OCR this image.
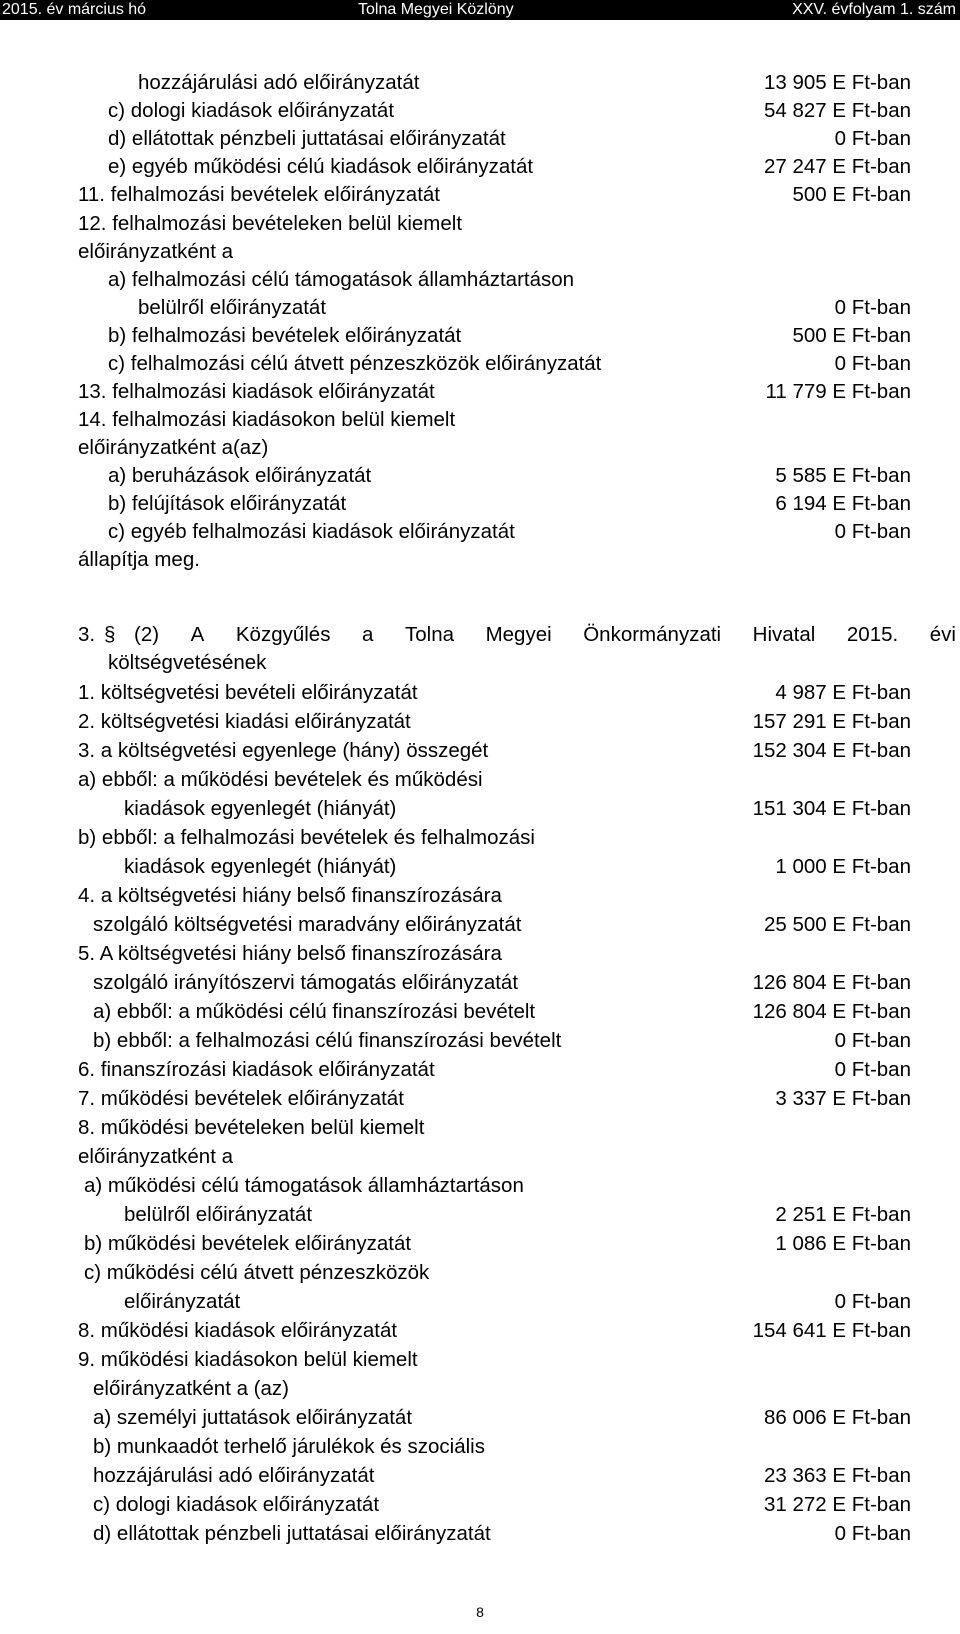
2015. év március hó	Tolna Megyei Közlöny	XXV. évfolyam 1. szám
hozzájárulási adó előirányzatát	13 905 E Ft-ban
c) dologi kiadások előirányzatát	54 827 E Ft-ban
d) ellátottak pénzbeli juttatásai előirányzatát	0 Ft-ban
e) egyéb működési célú kiadások előirányzatát	27 247 E Ft-ban
11. felhalmozási bevételek előirányzatát	500 E Ft-ban
12. felhalmozási bevételeken belül kiemelt
előirányzatként a
a) felhalmozási célú támogatások államháztartáson
belülről előirányzatát	0 Ft-ban
b) felhalmozási bevételek előirányzatát	500 E Ft-ban
c) felhalmozási célú átvett pénzeszközök előirányzatát	0 Ft-ban
13. felhalmozási kiadások előirányzatát	11 779 E Ft-ban
14. felhalmozási kiadásokon belül kiemelt
előirányzatként a(az)
a) beruházások előirányzatát	5 585 E Ft-ban
b) felújítások előirányzatát	6 194 E Ft-ban
c) egyéb felhalmozási kiadások előirányzatát	0 Ft-ban
állapítja meg.
3. § (2) A Közgyűlés a Tolna Megyei Önkormányzati Hivatal 2015. évi
költségvetésének
1. költségvetési bevételi előirányzatát	4 987 E Ft-ban
2. költségvetési kiadási előirányzatát	157 291 E Ft-ban
3. a költségvetési egyenlege (hány) összegét	152 304 E Ft-ban
a) ebből: a működési bevételek és működési
kiadások egyenlegét (hiányát)	151 304 E Ft-ban
b) ebből: a felhalmozási bevételek és felhalmozási
kiadások egyenlegét (hiányát)	1 000 E Ft-ban
4. a költségvetési hiány belső finanszírozására
szolgáló költségvetési maradvány előirányzatát	25 500 E Ft-ban
5. A költségvetési hiány belső finanszírozására
szolgáló irányítószervi támogatás előirányzatát	126 804 E Ft-ban
a) ebből: a működési célú finanszírozási bevételt	126 804 E Ft-ban
b) ebből: a felhalmozási célú finanszírozási bevételt	0 Ft-ban
6. finanszírozási kiadások előirányzatát	0 Ft-ban
7. működési bevételek előirányzatát	3 337 E Ft-ban
8. működési bevételeken belül kiemelt
előirányzatként a
a) működési célú támogatások államháztartáson
belülről előirányzatát	2 251 E Ft-ban
b) működési bevételek előirányzatát	1 086 E Ft-ban
c) működési célú átvett pénzeszközök
előirányzatát	0 Ft-ban
8. működési kiadások előirányzatát	154 641 E Ft-ban
9. működési kiadásokon belül kiemelt
előirányzatként a (az)
a) személyi juttatások előirányzatát	86 006 E Ft-ban
b) munkaadót terhelő járulékok és szociális
hozzájárulási adó előirányzatát	23 363 E Ft-ban
c) dologi kiadások előirányzatát	31 272 E Ft-ban
d) ellátottak pénzbeli juttatásai előirányzatát	0 Ft-ban
8
